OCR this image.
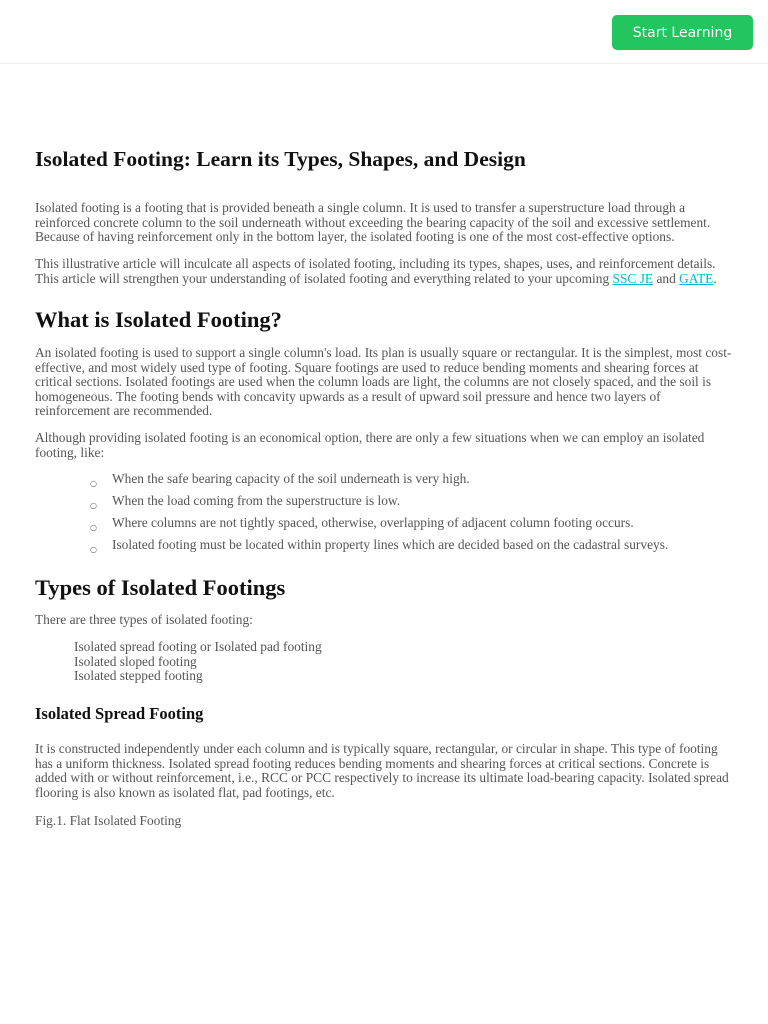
Start Learning
Isolated Footing: Learn its Types, Shapes, and Design

Isolated footing is a footing that is provided beneath a single column. It is used to transfer a superstructure load through a reinforced concrete column to the soil underneath without exceeding the bearing capacity of the soil and excessive settlement. Because of having reinforcement only in the bottom layer, the isolated footing is one of the most cost-effective options.

This illustrative article will inculcate all aspects of isolated footing, including its types, shapes, uses, and reinforcement details. This article will strengthen your understanding of isolated footing and everything related to your upcoming SSC JE and GATE.

What is Isolated Footing?

An isolated footing is used to support a single column's load. Its plan is usually square or rectangular. It is the simplest, most cost-effective, and most widely used type of footing. Square footings are used to reduce bending moments and shearing forces at critical sections. Isolated footings are used when the column loads are light, the columns are not closely spaced, and the soil is homogeneous. The footing bends with concavity upwards as a result of upward soil pressure and hence two layers of reinforcement are recommended.

Although providing isolated footing is an economical option, there are only a few situations when we can employ an isolated footing, like:

○ When the safe bearing capacity of the soil underneath is very high.
○ When the load coming from the superstructure is low.
○ Where columns are not tightly spaced, otherwise, overlapping of adjacent column footing occurs.
○ Isolated footing must be located within property lines which are decided based on the cadastral surveys.
Types of Isolated Footings

There are three types of isolated footing:

Isolated spread footing or Isolated pad footing
Isolated sloped footing
Isolated stepped footing
Isolated Spread Footing

It is constructed independently under each column and is typically square, rectangular, or circular in shape. This type of footing has a uniform thickness. Isolated spread footing reduces bending moments and shearing forces at critical sections. Concrete is added with or without reinforcement, i.e., RCC or PCC respectively to increase its ultimate load-bearing capacity. Isolated spread flooring is also known as isolated flat, pad footings, etc.

Fig.1. Flat Isolated Footing
